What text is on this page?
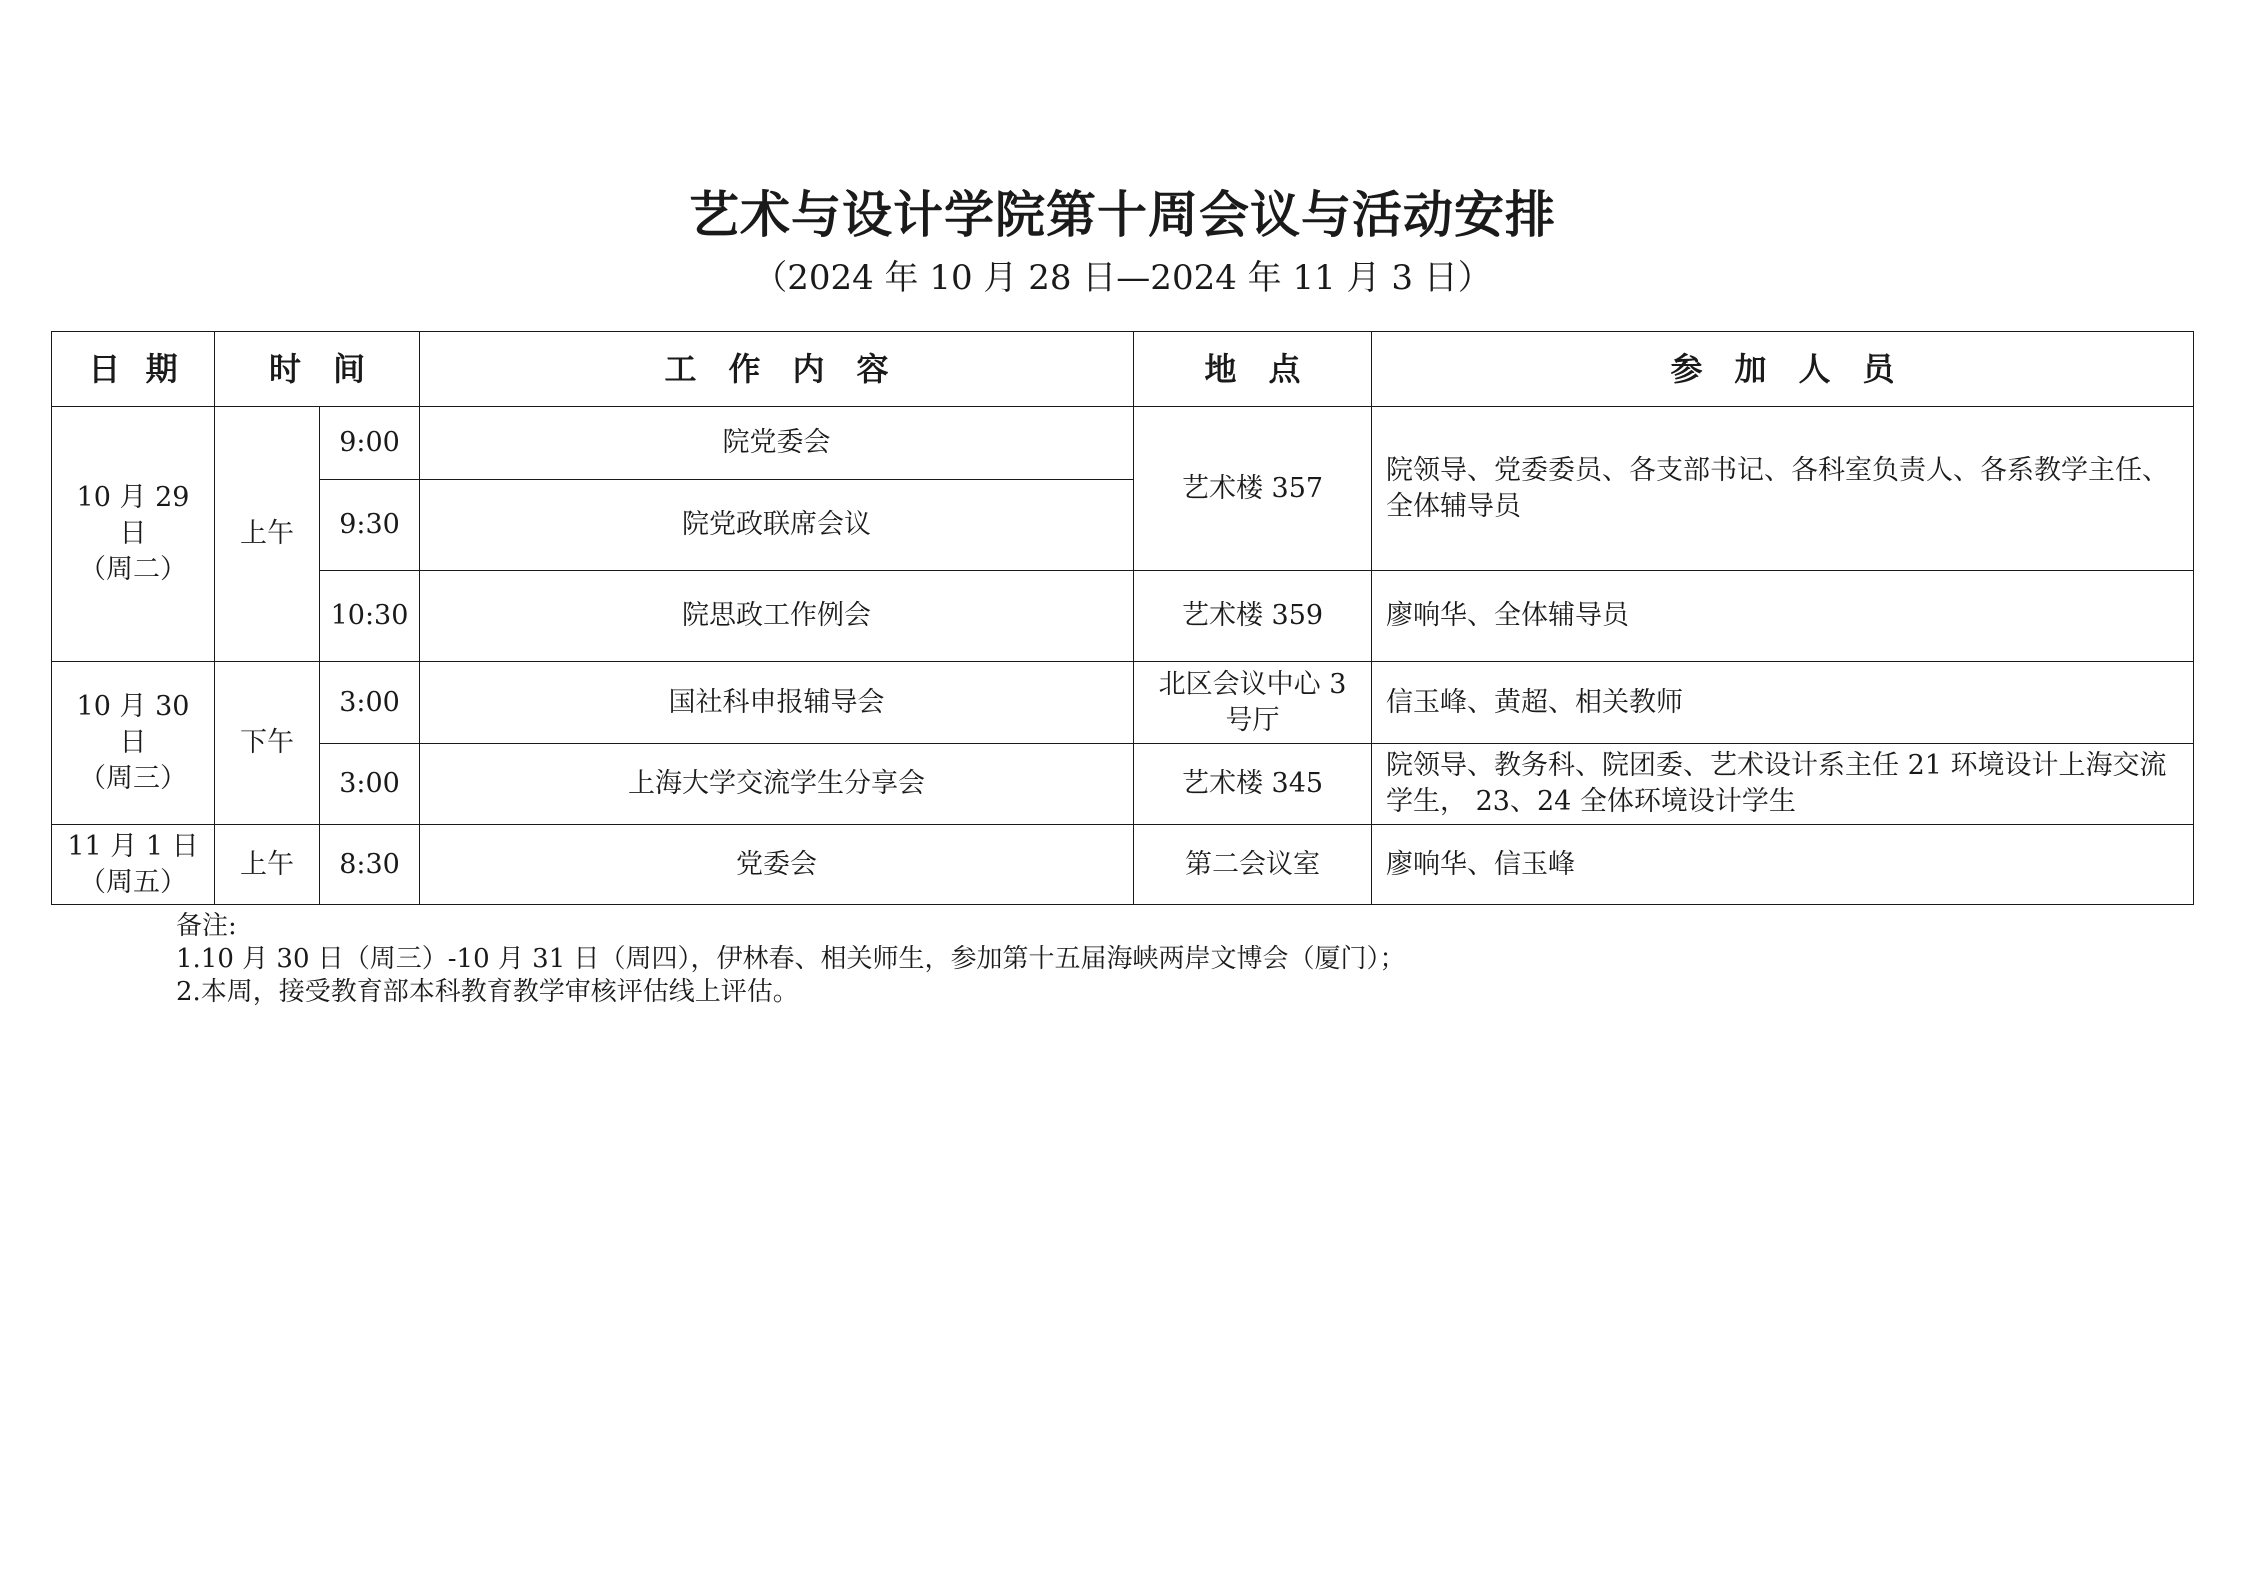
艺术与设计学院第十周会议与活动安排
（2024 年 10 月 28 日—2024 年 11 月 3 日）
日 期	时　间		工　作　内　容	地　点	参　加　人　员

10 月 29 日
（周二）	上午	9:00	院党委会	艺术楼 357	院领导、党委委员、各支部书记、各科室负责人、各系教学主任、全体辅导员
		9:30	院党政联席会议		
		10:30	院思政工作例会	艺术楼 359	廖响华、全体辅导员

10 月 30 日
（周三）	下午	3:00	国社科申报辅导会	北区会议中心 3 号厅	信玉峰、黄超、相关教师
		3:00	上海大学交流学生分享会	艺术楼 345	院领导、教务科、院团委、艺术设计系主任 21 环境设计上海交流学生， 23、24 全体环境设计学生

11 月 1 日
（周五）	上午	8:30	党委会	第二会议室	廖响华、信玉峰
备注:
1.10 月 30 日（周三）-10 月 31 日（周四），伊林春、相关师生，参加第十五届海峡两岸文博会（厦门）；
2.本周，接受教育部本科教育教学审核评估线上评估。
